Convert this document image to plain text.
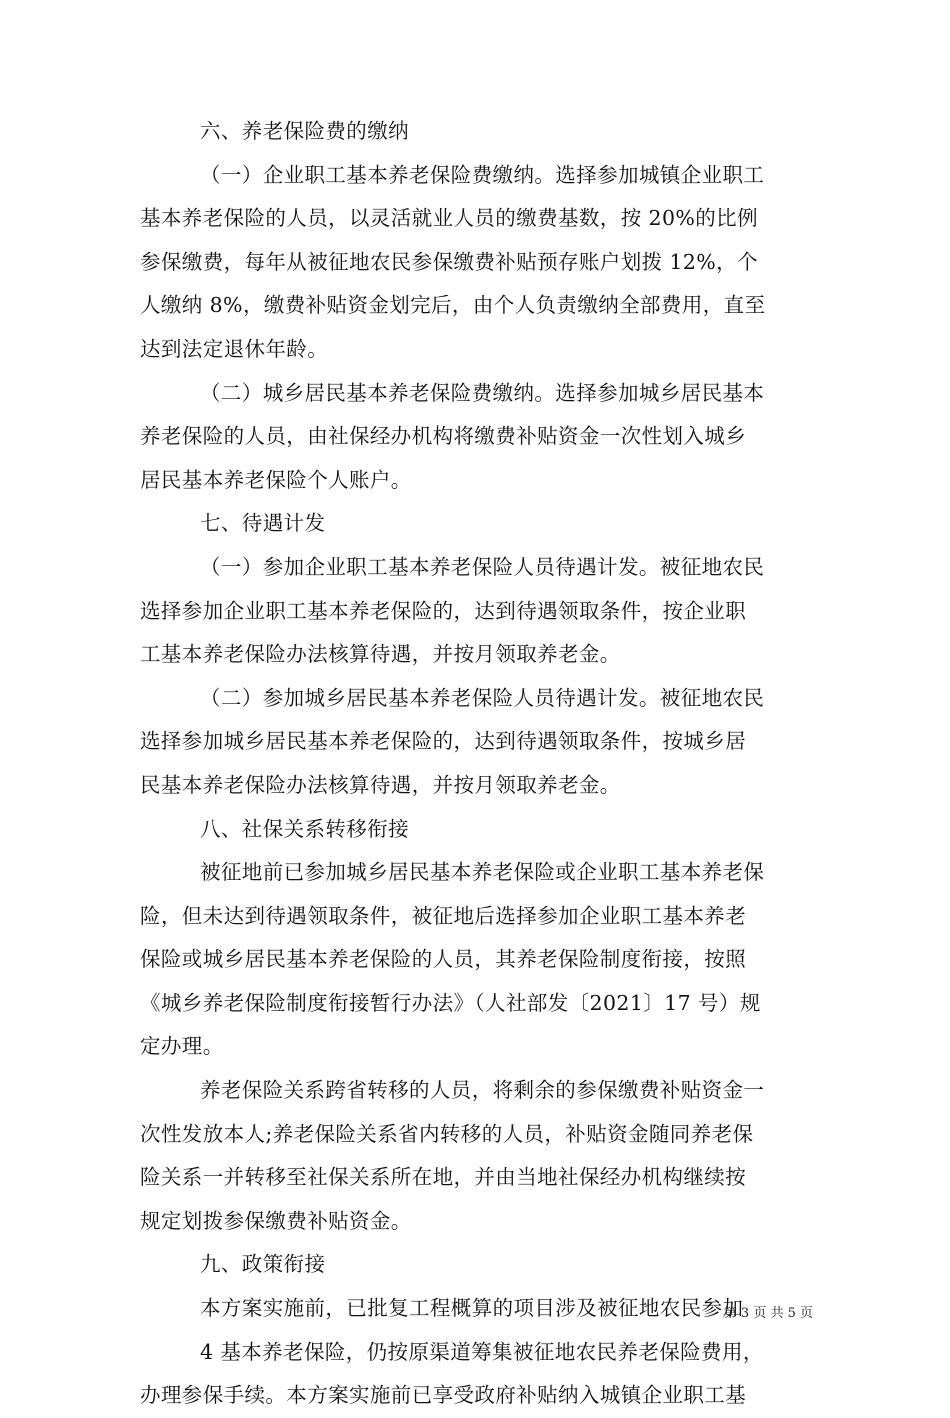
六、养老保险费的缴纳
（一）企业职工基本养老保险费缴纳。选择参加城镇企业职工
基本养老保险的人员，以灵活就业人员的缴费基数，按 20%的比例
参保缴费，每年从被征地农民参保缴费补贴预存账户划拨 12%，个
人缴纳 8%，缴费补贴资金划完后，由个人负责缴纳全部费用，直至
达到法定退休年龄。
（二）城乡居民基本养老保险费缴纳。选择参加城乡居民基本
养老保险的人员，由社保经办机构将缴费补贴资金一次性划入城乡
居民基本养老保险个人账户。
七、待遇计发
（一）参加企业职工基本养老保险人员待遇计发。被征地农民
选择参加企业职工基本养老保险的，达到待遇领取条件，按企业职
工基本养老保险办法核算待遇，并按月领取养老金。
（二）参加城乡居民基本养老保险人员待遇计发。被征地农民
选择参加城乡居民基本养老保险的，达到待遇领取条件，按城乡居
民基本养老保险办法核算待遇，并按月领取养老金。
八、社保关系转移衔接
被征地前已参加城乡居民基本养老保险或企业职工基本养老保
险，但未达到待遇领取条件，被征地后选择参加企业职工基本养老
保险或城乡居民基本养老保险的人员，其养老保险制度衔接，按照
《城乡养老保险制度衔接暂行办法》（人社部发〔2021〕17 号）规
定办理。
养老保险关系跨省转移的人员，将剩余的参保缴费补贴资金一
次性发放本人;养老保险关系省内转移的人员，补贴资金随同养老保
险关系一并转移至社保关系所在地，并由当地社保经办机构继续按
规定划拨参保缴费补贴资金。
九、政策衔接
本方案实施前，已批复工程概算的项目涉及被征地农民参加
4 基本养老保险，仍按原渠道筹集被征地农民养老保险费用，
办理参保手续。本方案实施前已享受政府补贴纳入城镇企业职工基
第 3 页 共 5 页
